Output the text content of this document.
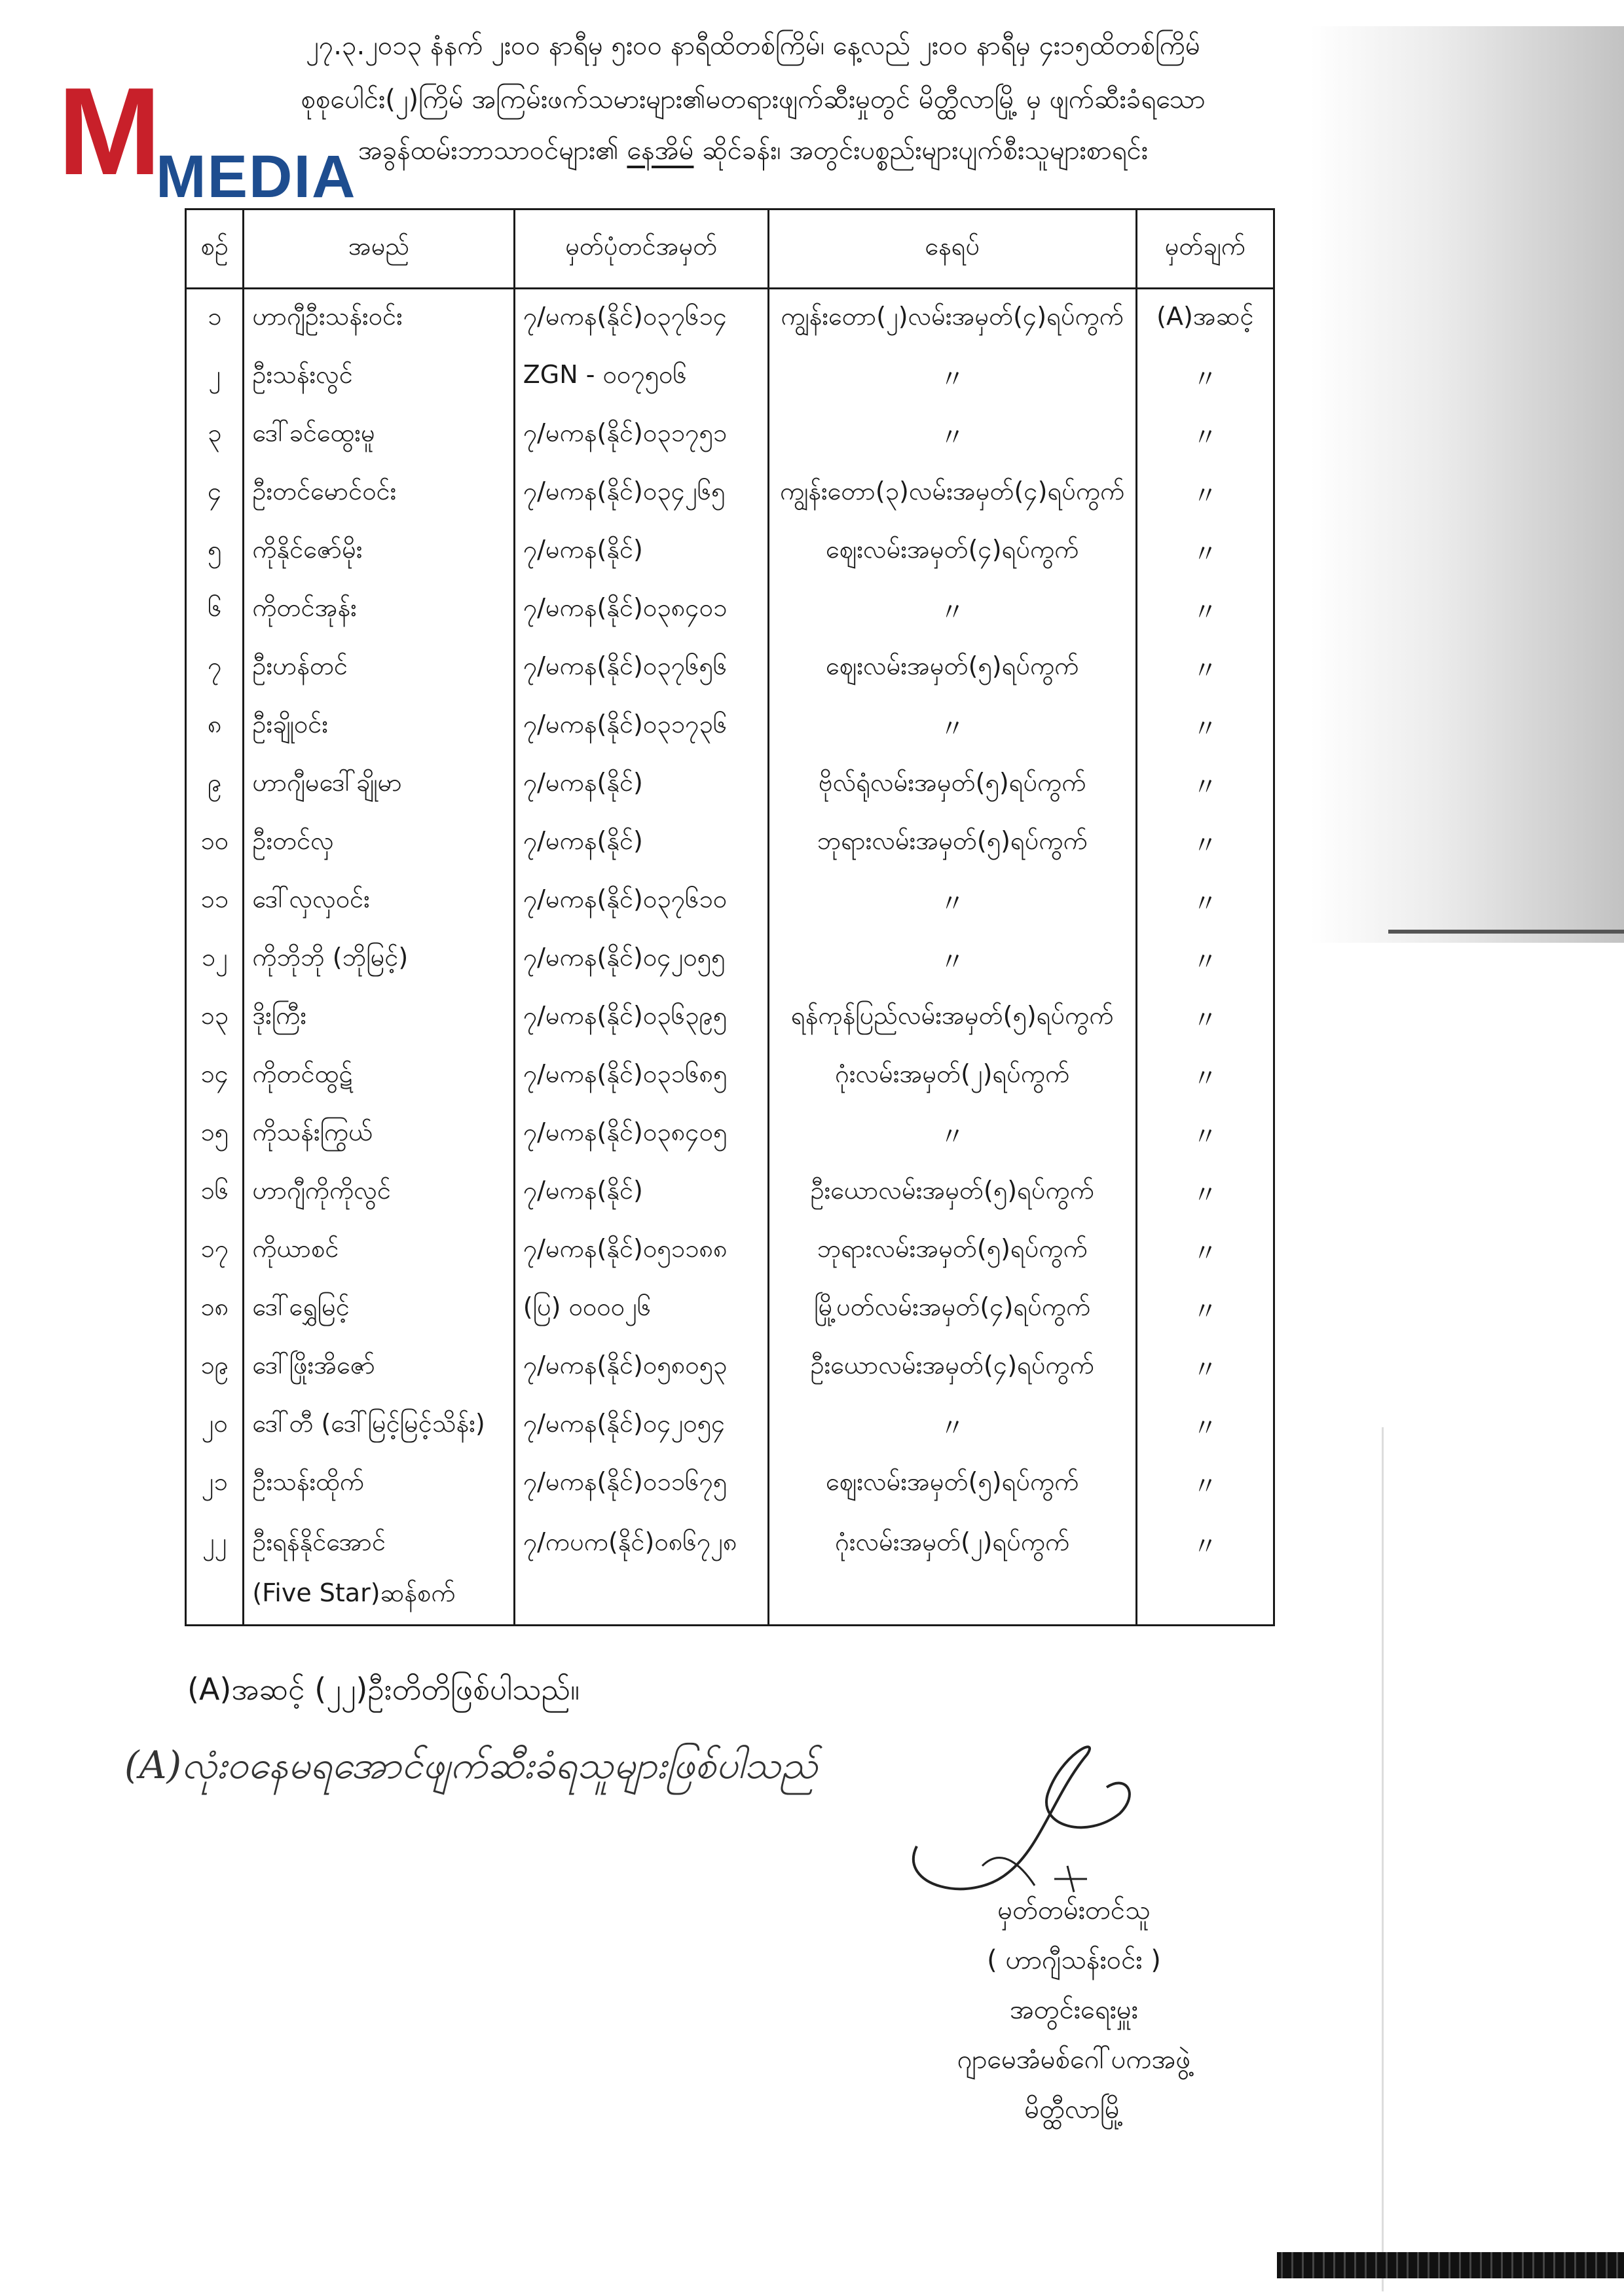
M
MEDIA
၂၇.၃.၂၀၁၃ နံနက် ၂း၀၀ နာရီမှ ၅း၀၀ နာရီထိတစ်ကြိမ်၊ နေ့လည် ၂း၀၀ နာရီမှ ၄း၁၅ထိတစ်ကြိမ်
စုစုပေါင်း(၂)ကြိမ် အကြမ်းဖက်သမားများ၏မတရားဖျက်ဆီးမှုတွင် မိတ္ထီလာမြို့ မှ ဖျက်ဆီးခံရသော
အခွန်ထမ်းဘာသာဝင်များ၏ နေအိမ် ဆိုင်ခန်း၊ အတွင်းပစ္စည်းများပျက်စီးသူများစာရင်း
စဉ်	အမည်	မှတ်ပုံတင်အမှတ်	နေရပ်	မှတ်ချက်
၁	ဟာဂျီဦးသန်းဝင်း	၇/မကန(နိုင်)၀၃၇၆၁၄	ကျွန်းတော(၂)လမ်းအမှတ်(၄)ရပ်ကွက်	(A)အဆင့်
၂	ဦးသန်းလွင်	ZGN - ၀၀၇၅၀၆	〃	〃
၃	ဒေါ်ခင်ထွေးမူ	၇/မကန(နိုင်)၀၃၁၇၅၁	〃	〃
၄	ဦးတင်မောင်ဝင်း	၇/မကန(နိုင်)၀၃၄၂၆၅	ကျွန်းတော(၃)လမ်းအမှတ်(၄)ရပ်ကွက်	〃
၅	ကိုနိုင်ဇော်မိုး	၇/မကန(နိုင်)	ဈေးလမ်းအမှတ်(၄)ရပ်ကွက်	〃
၆	ကိုတင်အုန်း	၇/မကန(နိုင်)၀၃၈၄၀၁	〃	〃
၇	ဦးဟန်တင်	၇/မကန(နိုင်)၀၃၇၆၅၆	ဈေးလမ်းအမှတ်(၅)ရပ်ကွက်	〃
၈	ဦးချိုဝင်း	၇/မကန(နိုင်)၀၃၁၇၃၆	〃	〃
၉	ဟာဂျီမဒေါ်ချိုမာ	၇/မကန(နိုင်)	ဗိုလ်ရုံလမ်းအမှတ်(၅)ရပ်ကွက်	〃
၁၀	ဦးတင်လှ	၇/မကန(နိုင်)	ဘုရားလမ်းအမှတ်(၅)ရပ်ကွက်	〃
၁၁	ဒေါ်လှလှဝင်း	၇/မကန(နိုင်)၀၃၇၆၁၀	〃	〃
၁၂	ကိုဘိုဘို (ဘိုမြင့်)	၇/မကန(နိုင်)၀၄၂၀၅၅	〃	〃
၁၃	ဒိုးကြီး	၇/မကန(နိုင်)၀၃၆၃၉၅	ရန်ကုန်ပြည်လမ်းအမှတ်(၅)ရပ်ကွက်	〃
၁၄	ကိုတင်ထွဋ်	၇/မကန(နိုင်)၀၃၁၆၈၅	ဂုံးလမ်းအမှတ်(၂)ရပ်ကွက်	〃
၁၅	ကိုသန်းကြွယ်	၇/မကန(နိုင်)၀၃၈၄၀၅	〃	〃
၁၆	ဟာဂျီကိုကိုလွင်	၇/မကန(နိုင်)	ဦးယောလမ်းအမှတ်(၅)ရပ်ကွက်	〃
၁၇	ကိုယာစင်	၇/မကန(နိုင်)၀၅၁၁၈၈	ဘုရားလမ်းအမှတ်(၅)ရပ်ကွက်	〃
၁၈	ဒေါ်ရွှေမြင့်	(ပြ) ၀၀၀၀၂၆	မြို့ပတ်လမ်းအမှတ်(၄)ရပ်ကွက်	〃
၁၉	ဒေါ်ဖြိုးအိဇော်	၇/မကန(နိုင်)၀၅၈၀၅၃	ဦးယောလမ်းအမှတ်(၄)ရပ်ကွက်	〃
၂၀	ဒေါ်တီ (ဒေါ်မြင့်မြင့်သိန်း)	၇/မကန(နိုင်)၀၄၂၀၅၄	〃	〃
၂၁	ဦးသန်းထိုက်	၇/မကန(နိုင်)၀၁၁၆၇၅	ဈေးလမ်းအမှတ်(၅)ရပ်ကွက်	〃
၂၂	ဦးရန်နိုင်အောင်
(Five Star)ဆန်စက်	၇/ကပက(နိုင်)၀၈၆၇၂၈	ဂုံးလမ်းအမှတ်(၂)ရပ်ကွက်	〃
(A)အဆင့် (၂၂)ဦးတိတိဖြစ်ပါသည်။
(A)လုံးဝနေမရအောင်ဖျက်ဆီးခံရသူများဖြစ်ပါသည်
မှတ်တမ်းတင်သူ
( ဟာဂျီသန်းဝင်း )
အတွင်းရေးမှူး
ဂျာမေအံမစ်ဂေါ်ပကအဖွဲ့
မိတ္ထီလာမြို့
